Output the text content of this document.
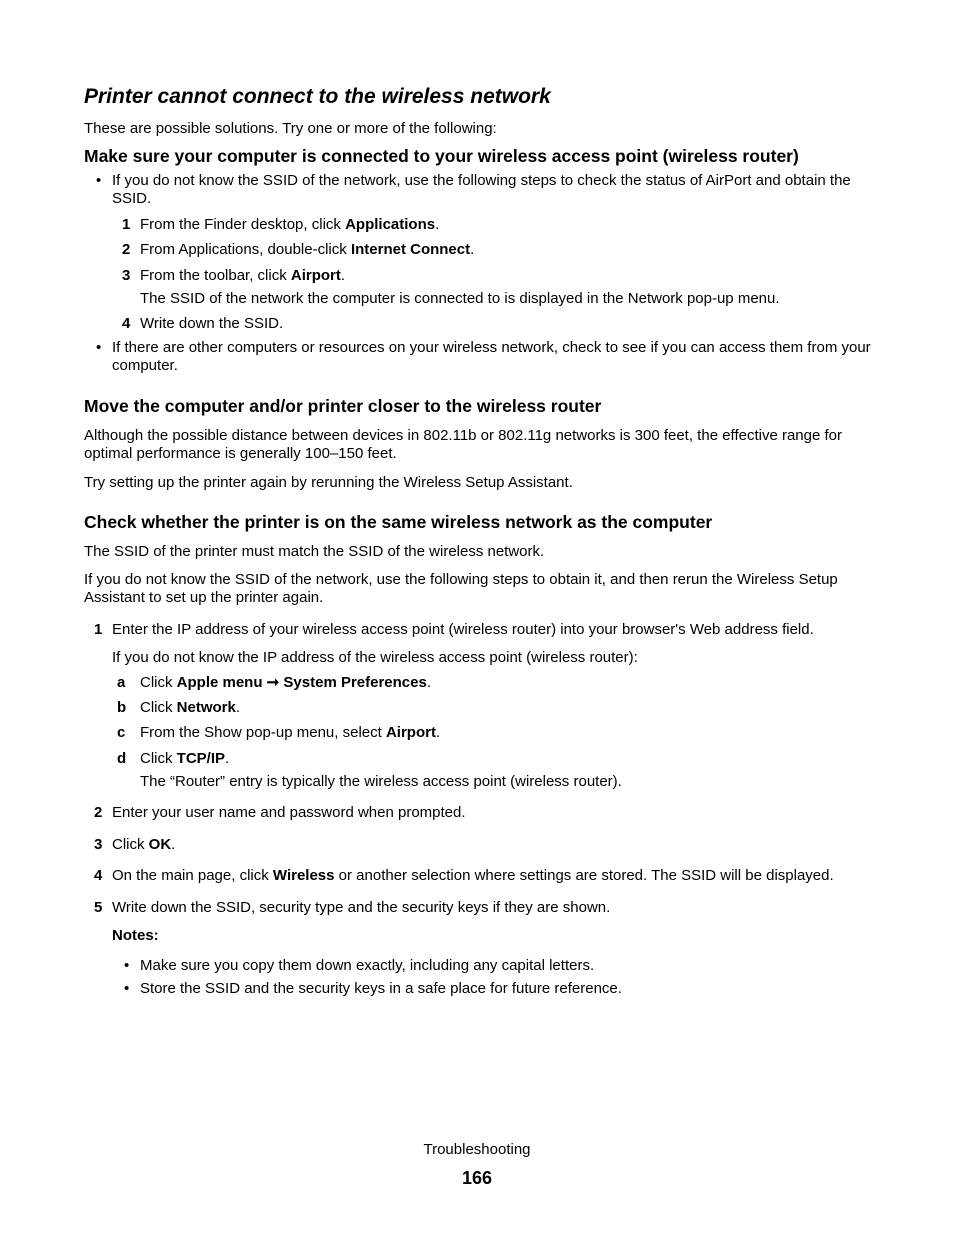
Printer cannot connect to the wireless network

These are possible solutions. Try one or more of the following:

Make sure your computer is connected to your wireless access point (wireless router)
• If you do not know the SSID of the network, use the following steps to check the status of AirPort and obtain the SSID.
1 From the Finder desktop, click Applications.
2 From Applications, double-click Internet Connect.
3 From the toolbar, click Airport.
The SSID of the network the computer is connected to is displayed in the Network pop-up menu.
4 Write down the SSID.
• If there are other computers or resources on your wireless network, check to see if you can access them from your computer.
Move the computer and/or printer closer to the wireless router

Although the possible distance between devices in 802.11b or 802.11g networks is 300 feet, the effective range for optimal performance is generally 100–150 feet.

Try setting up the printer again by rerunning the Wireless Setup Assistant.

Check whether the printer is on the same wireless network as the computer

The SSID of the printer must match the SSID of the wireless network.

If you do not know the SSID of the network, use the following steps to obtain it, and then rerun the Wireless Setup Assistant to set up the printer again.

1 Enter the IP address of your wireless access point (wireless router) into your browser's Web address field.
If you do not know the IP address of the wireless access point (wireless router):
a Click Apple menu ➞ System Preferences.
b Click Network.
c From the Show pop-up menu, select Airport.
d Click TCP/IP.
The “Router” entry is typically the wireless access point (wireless router).
2 Enter your user name and password when prompted.
3 Click OK.
4 On the main page, click Wireless or another selection where settings are stored. The SSID will be displayed.
5 Write down the SSID, security type and the security keys if they are shown.
Notes:
• Make sure you copy them down exactly, including any capital letters.
• Store the SSID and the security keys in a safe place for future reference.
Troubleshooting
166
